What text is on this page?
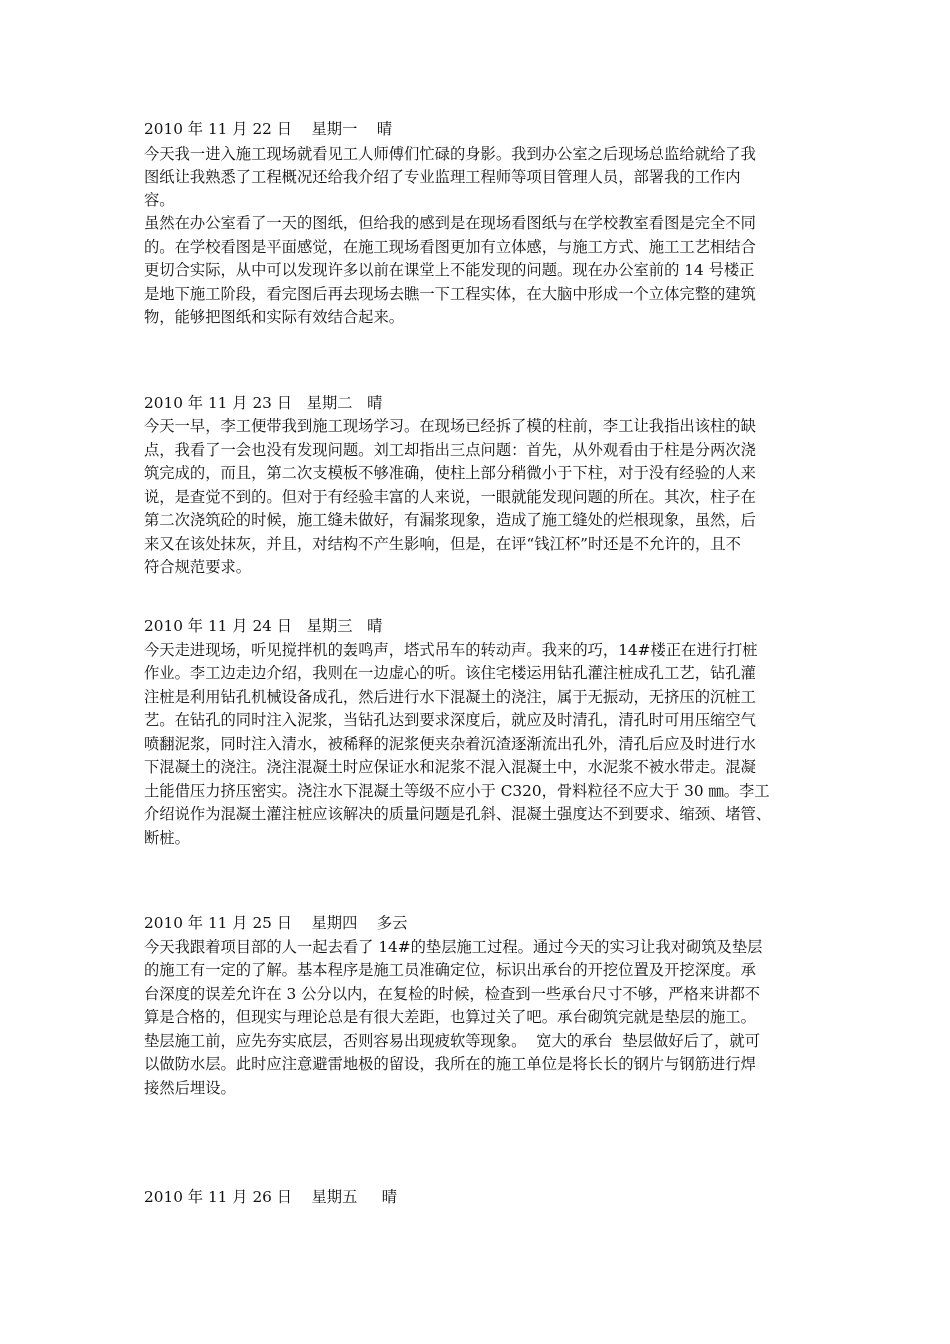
2010 年 11 月 22 日    星期一    晴
今天我一进入施工现场就看见工人师傅们忙碌的身影。我到办公室之后现场总监给就给了我
图纸让我熟悉了工程概况还给我介绍了专业监理工程师等项目管理人员，部署我的工作内
容。
虽然在办公室看了一天的图纸，但给我的感到是在现场看图纸与在学校教室看图是完全不同
的。在学校看图是平面感觉，在施工现场看图更加有立体感，与施工方式、施工工艺相结合
更切合实际，从中可以发现许多以前在课堂上不能发现的问题。现在办公室前的 14 号楼正
是地下施工阶段，看完图后再去现场去瞧一下工程实体，在大脑中形成一个立体完整的建筑
物，能够把图纸和实际有效结合起来。
2010 年 11 月 23 日   星期二   晴
今天一早，李工便带我到施工现场学习。在现场已经拆了模的柱前，李工让我指出该柱的缺
点，我看了一会也没有发现问题。刘工却指出三点问题：首先，从外观看由于柱是分两次浇
筑完成的，而且，第二次支模板不够准确，使柱上部分稍微小于下柱，对于没有经验的人来
说，是查觉不到的。但对于有经验丰富的人来说，一眼就能发现问题的所在。其次，柱子在
第二次浇筑砼的时候，施工缝未做好，有漏浆现象，造成了施工缝处的烂根现象，虽然，后
来又在该处抹灰，并且，对结构不产生影响，但是，在评“钱江杯”时还是不允许的，且不
符合规范要求。
2010 年 11 月 24 日   星期三   晴
今天走进现场，听见搅拌机的轰鸣声，塔式吊车的转动声。我来的巧，14#楼正在进行打桩
作业。李工边走边介绍，我则在一边虚心的听。该住宅楼运用钻孔灌注桩成孔工艺，钻孔灌
注桩是利用钻孔机械设备成孔，然后进行水下混凝土的浇注，属于无振动，无挤压的沉桩工
艺。在钻孔的同时注入泥浆，当钻孔达到要求深度后，就应及时清孔，清孔时可用压缩空气
喷翻泥浆，同时注入清水，被稀释的泥浆便夹杂着沉渣逐渐流出孔外，清孔后应及时进行水
下混凝土的浇注。浇注混凝土时应保证水和泥浆不混入混凝土中，水泥浆不被水带走。混凝
土能借压力挤压密实。浇注水下混凝土等级不应小于 C320，骨料粒径不应大于 30 ㎜。李工
介绍说作为混凝土灌注桩应该解决的质量问题是孔斜、混凝土强度达不到要求、缩颈、堵管、
断桩。
2010 年 11 月 25 日    星期四    多云
今天我跟着项目部的人一起去看了 14#的垫层施工过程。通过今天的实习让我对砌筑及垫层
的施工有一定的了解。基本程序是施工员准确定位，标识出承台的开挖位置及开挖深度。承
台深度的误差允许在 3 公分以内，在复检的时候，检查到一些承台尺寸不够，严格来讲都不
算是合格的，但现实与理论总是有很大差距，也算过关了吧。承台砌筑完就是垫层的施工。
垫层施工前，应先夯实底层，否则容易出现疲软等现象。  宽大的承台  垫层做好后了，就可
以做防水层。此时应注意避雷地极的留设，我所在的施工单位是将长长的钢片与钢筋进行焊
接然后埋设。
2010 年 11 月 26 日    星期五     晴
